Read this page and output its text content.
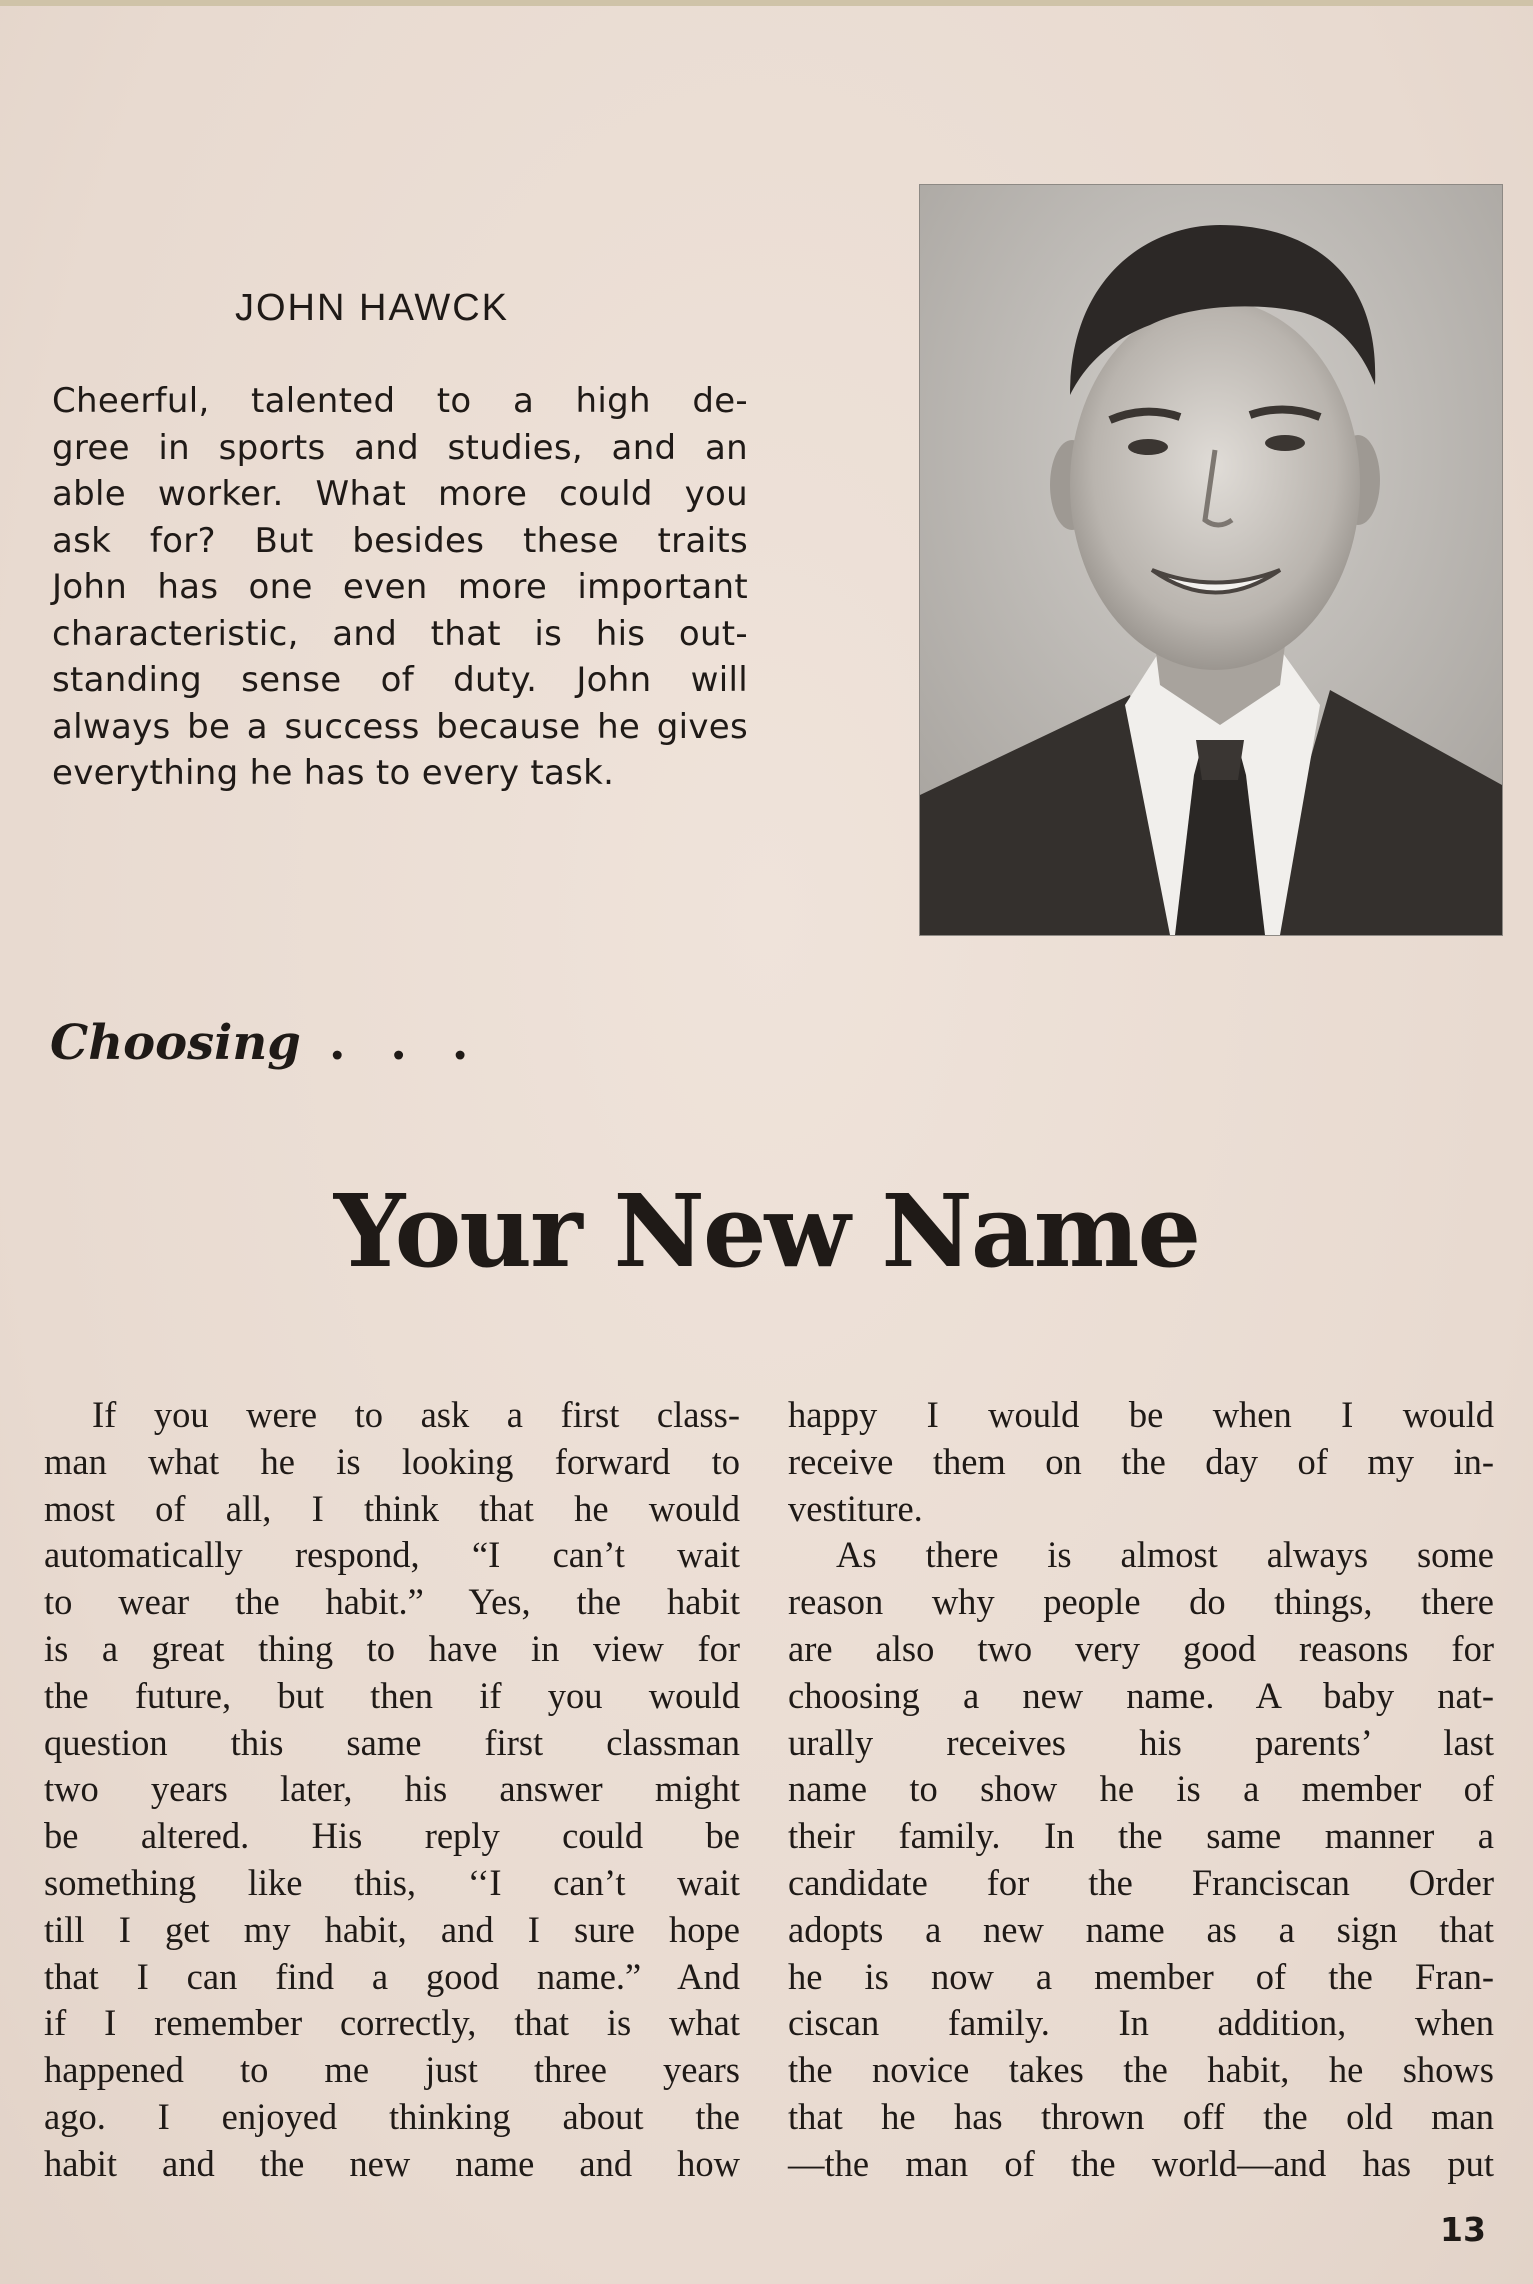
JOHN HAWCK
Cheerful, talented to a high de-
gree in sports and studies, and an
able worker. What more could you
ask for? But besides these traits
John has one even more important
characteristic, and that is his out-
standing sense of duty. John will
always be a success because he gives
everything he has to every task.
Choosing . . .
Your New Name
If you were to ask a first class-
man what he is looking forward to
most of all, I think that he would
automatically respond, “I can’t wait
to wear the habit.” Yes, the habit
is a great thing to have in view for
the future, but then if you would
question this same first classman
two years later, his answer might
be altered. His reply could be
something like this, ‘‘I can’t wait
till I get my habit, and I sure hope
that I can find a good name.” And
if I remember correctly, that is what
happened to me just three years
ago. I enjoyed thinking about the
habit and the new name and how
happy I would be when I would
receive them on the day of my in-
vestiture.
As there is almost always some
reason why people do things, there
are also two very good reasons for
choosing a new name. A baby nat-
urally receives his parents’ last
name to show he is a member of
their family. In the same manner a
candidate for the Franciscan Order
adopts a new name as a sign that
he is now a member of the Fran-
ciscan family. In addition, when
the novice takes the habit, he shows
that he has thrown off the old man
—the man of the world—and has put
13
